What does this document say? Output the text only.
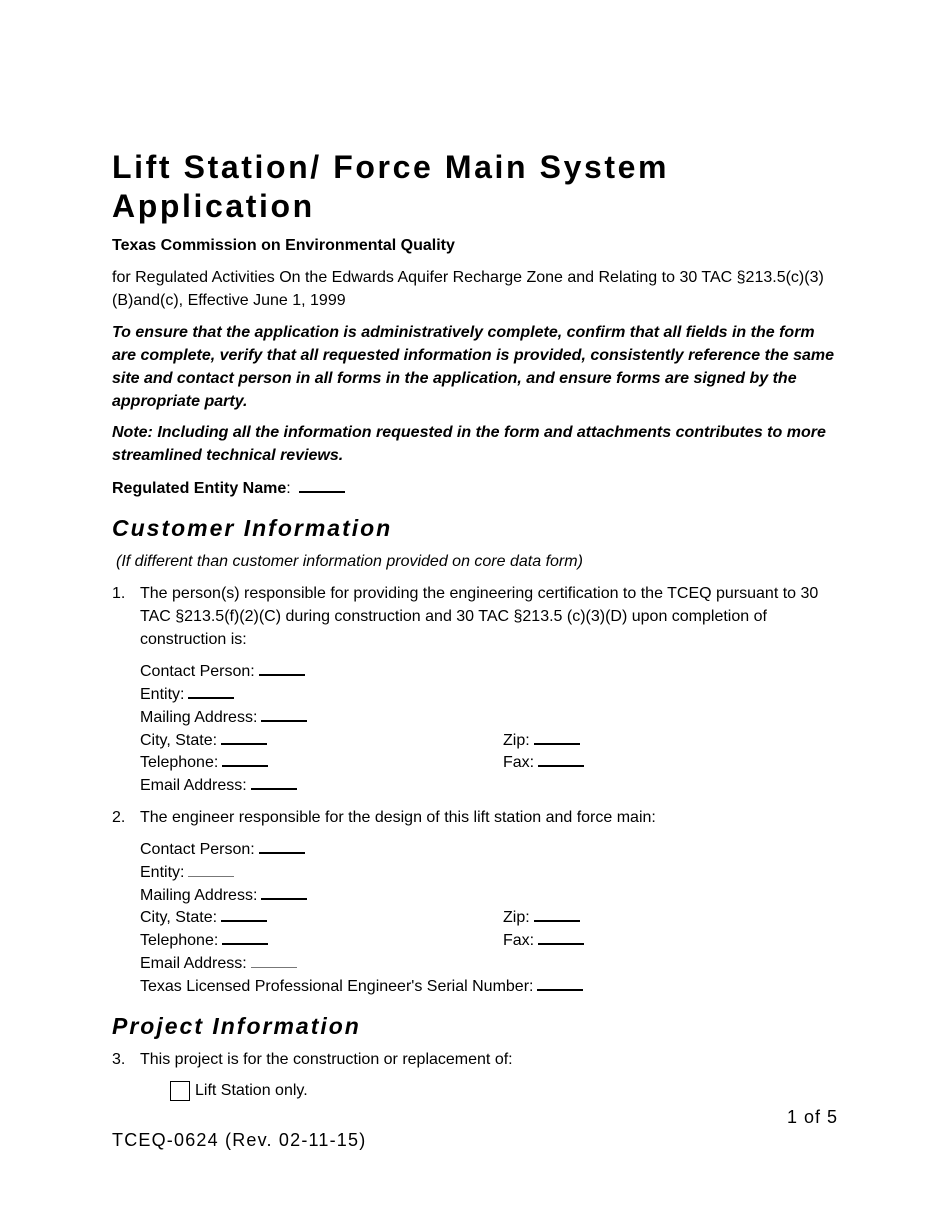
Lift Station/ Force Main System Application

Texas Commission on Environmental Quality

for Regulated Activities On the Edwards Aquifer Recharge Zone and Relating to 30 TAC §213.5(c)(3)(B)and(c), Effective June 1, 1999

To ensure that the application is administratively complete, confirm that all fields in the form are complete, verify that all requested information is provided, consistently reference the same site and contact person in all forms in the application, and ensure forms are signed by the appropriate party.

Note: Including all the information requested in the form and attachments contributes to more streamlined technical reviews.

Regulated Entity Name:
Customer Information

(If different than customer information provided on core data form)

1. The person(s) responsible for providing the engineering certification to the TCEQ pursuant to 30 TAC §213.5(f)(2)(C) during construction and 30 TAC §213.5 (c)(3)(D) upon completion of construction is:
Contact Person:
Entity:
Mailing Address:
City, State:	Zip:
Telephone:	Fax:
Email Address:
2. The engineer responsible for the design of this lift station and force main:
Contact Person:
Entity:
Mailing Address:
City, State:	Zip:
Telephone:	Fax:
Email Address:
Texas Licensed Professional Engineer's Serial Number:
Project Information
3. This project is for the construction or replacement of:
Lift Station only.
1 of 5
TCEQ-0624 (Rev. 02-11-15)
